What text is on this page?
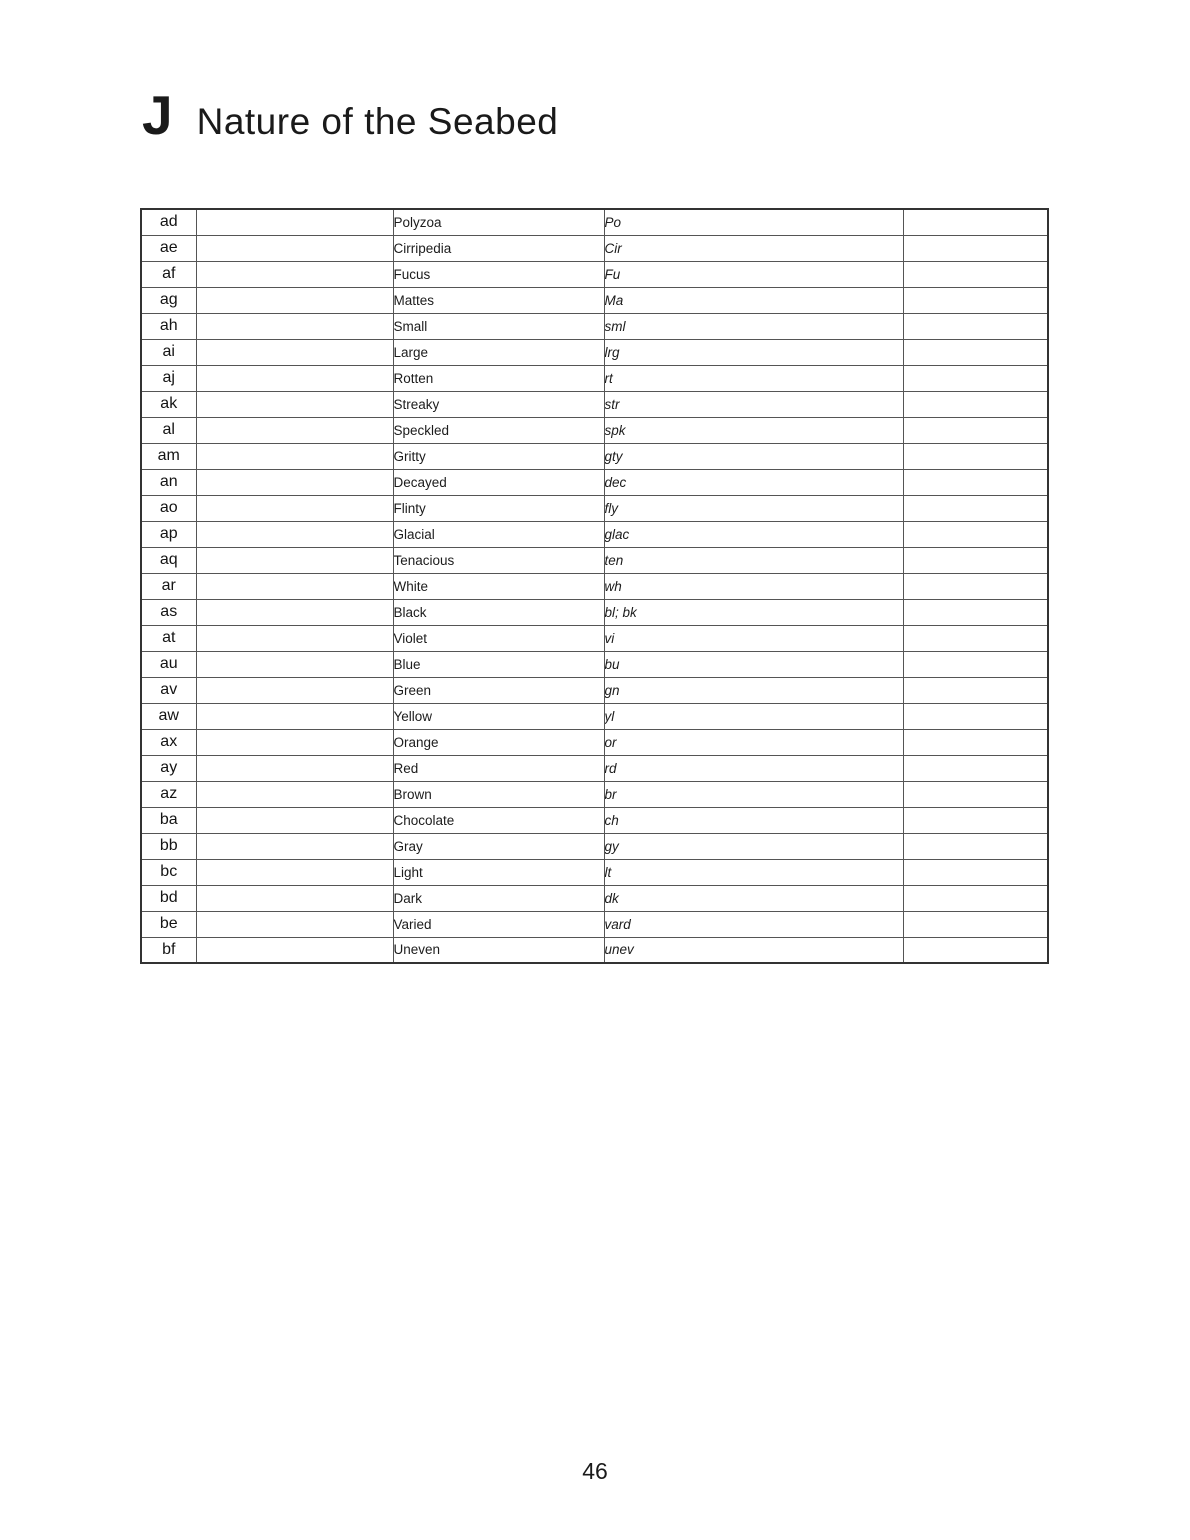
J Nature of the Seabed
ad		Polyzoa	Po	
ae		Cirripedia	Cir	
af		Fucus	Fu	
ag		Mattes	Ma	
ah		Small	sml	
ai		Large	lrg	
aj		Rotten	rt	
ak		Streaky	str	
al		Speckled	spk	
am		Gritty	gty	
an		Decayed	dec	
ao		Flinty	fly	
ap		Glacial	glac	
aq		Tenacious	ten	
ar		White	wh	
as		Black	bl; bk	
at		Violet	vi	
au		Blue	bu	
av		Green	gn	
aw		Yellow	yl	
ax		Orange	or	
ay		Red	rd	
az		Brown	br	
ba		Chocolate	ch	
bb		Gray	gy	
bc		Light	lt	
bd		Dark	dk	
be		Varied	vard	
bf		Uneven	unev	
46
